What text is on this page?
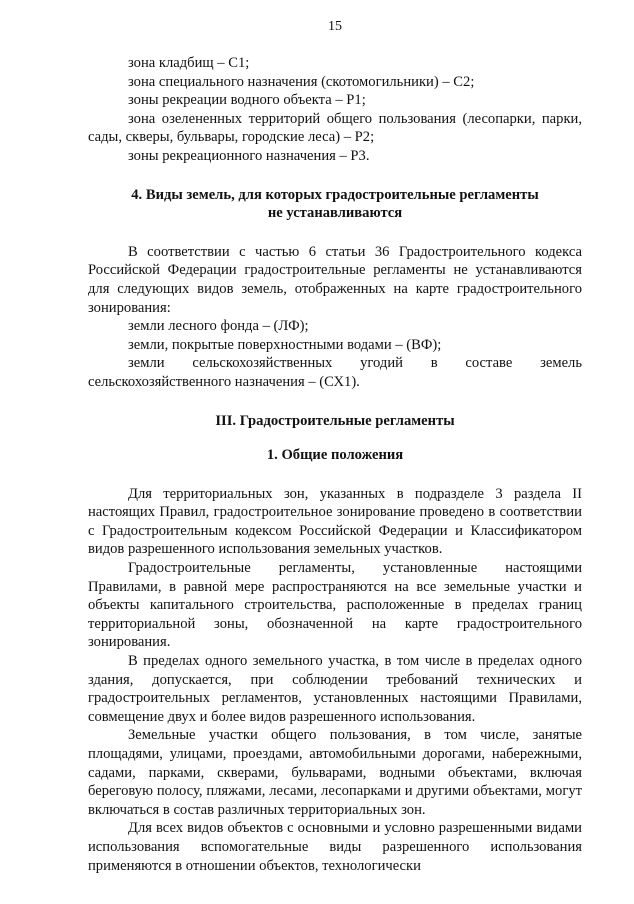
15

зона кладбищ – С1;

зона специального назначения (скотомогильники) – С2;

зоны рекреации водного объекта – Р1;

зона озелененных территорий общего пользования (лесопарки, парки, сады, скверы, бульвары, городские леса) – Р2;

зоны рекреационного назначения – Р3.

4. Виды земель, для которых градостроительные регламенты

не устанавливаются

В соответствии с частью 6 статьи 36 Градостроительного кодекса Российской Федерации градостроительные регламенты не устанавливаются для следующих видов земель, отображенных на карте градостроительного зонирования:

земли лесного фонда – (ЛФ);

земли, покрытые поверхностными водами – (ВФ);

земли сельскохозяйственных угодий в составе земель сельскохозяйственного назначения – (СХ1).

III. Градостроительные регламенты

1. Общие положения

Для территориальных зон, указанных в подразделе 3 раздела II настоящих Правил, градостроительное зонирование проведено в соответствии с Градостроительным кодексом Российской Федерации и Классификатором видов разрешенного использования земельных участков.

Градостроительные регламенты, установленные настоящими Правилами, в равной мере распространяются на все земельные участки и объекты капитального строительства, расположенные в пределах границ территориальной зоны, обозначенной на карте градостроительного зонирования.

В пределах одного земельного участка, в том числе в пределах одного здания, допускается, при соблюдении требований технических и градостроительных регламентов, установленных настоящими Правилами, совмещение двух и более видов разрешенного использования.

Земельные участки общего пользования, в том числе, занятые площадями, улицами, проездами, автомобильными дорогами, набережными, садами, парками, скверами, бульварами, водными объектами, включая береговую полосу, пляжами, лесами, лесопарками и другими объектами, могут включаться в состав различных территориальных зон.

Для всех видов объектов с основными и условно разрешенными видами использования вспомогательные виды разрешенного использования применяются в отношении объектов, технологически
